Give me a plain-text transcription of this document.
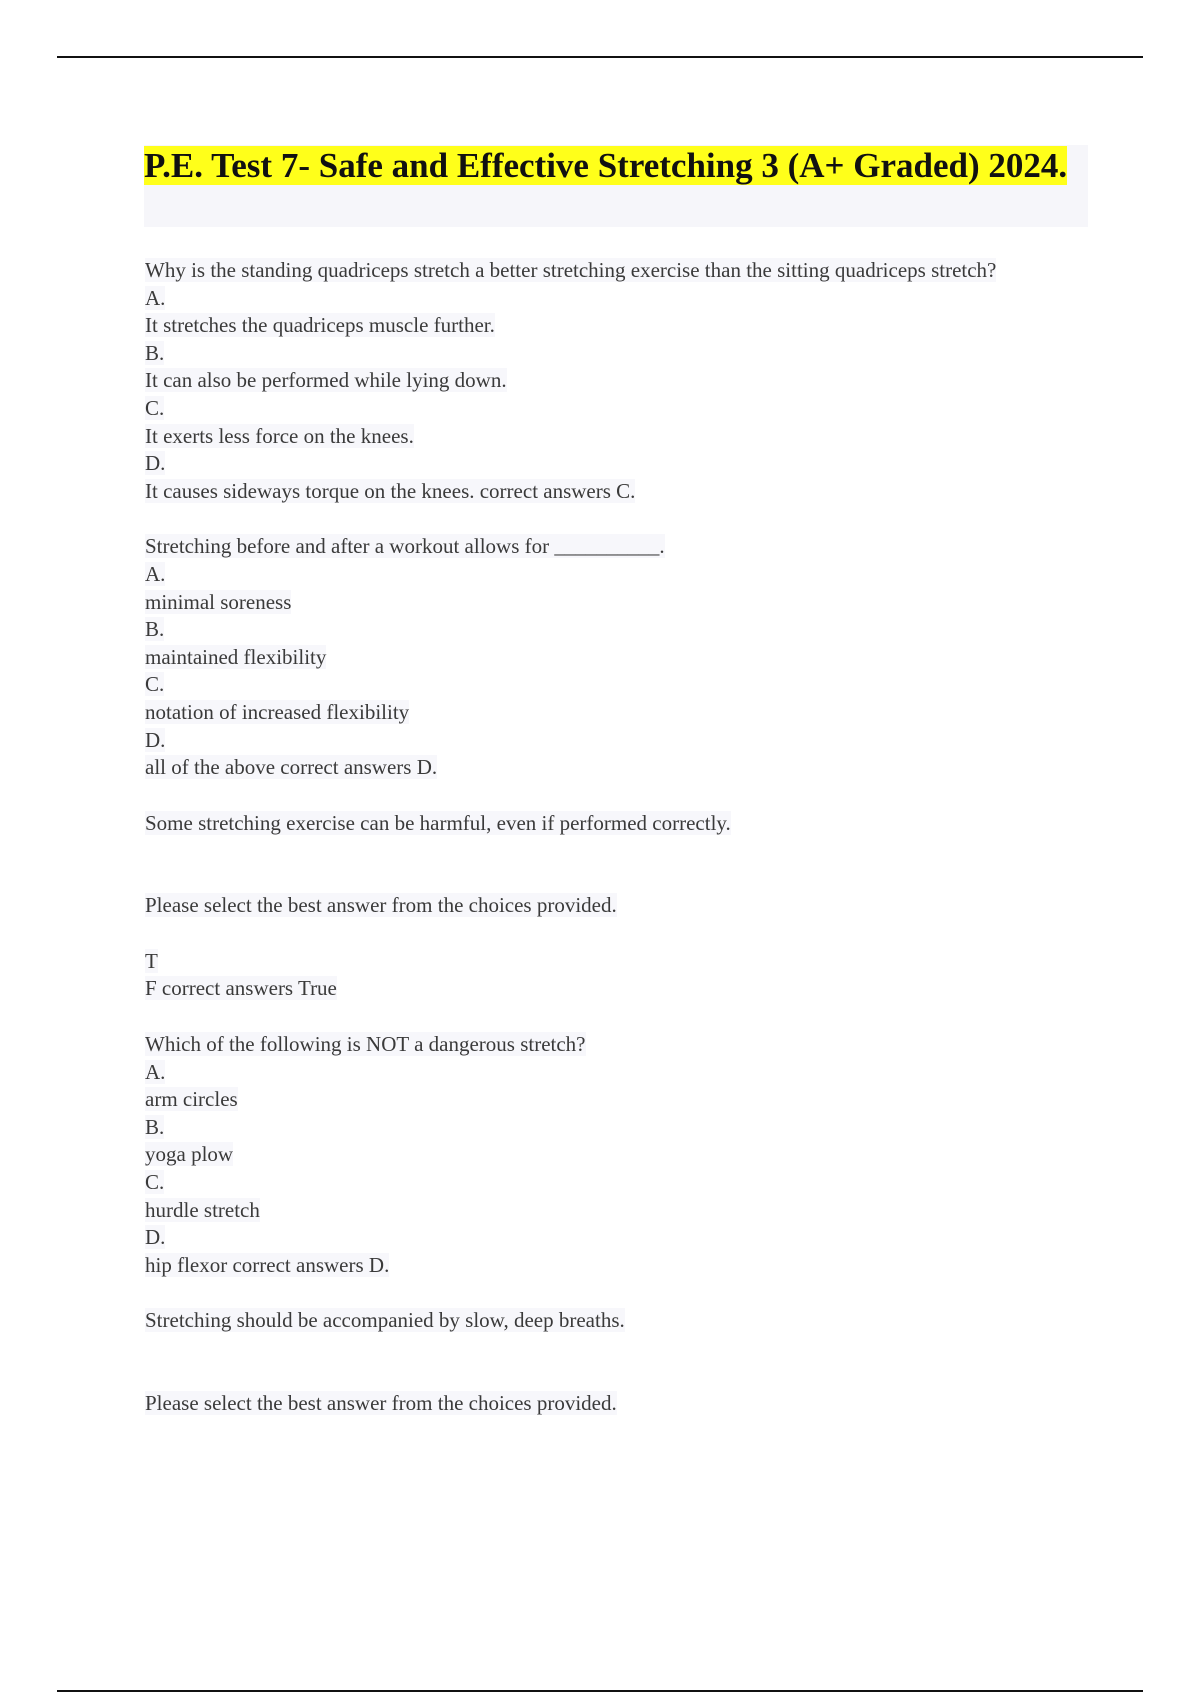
P.E. Test 7- Safe and Effective Stretching 3 (A+ Graded) 2024.
Why is the standing quadriceps stretch a better stretching exercise than the sitting quadriceps stretch?
A.
It stretches the quadriceps muscle further.
B.
It can also be performed while lying down.
C.
It exerts less force on the knees.
D.
It causes sideways torque on the knees. correct answers C.
Stretching before and after a workout allows for __________.
A.
minimal soreness
B.
maintained flexibility
C.
notation of increased flexibility
D.
all of the above correct answers D.
Some stretching exercise can be harmful, even if performed correctly.
Please select the best answer from the choices provided.
T
F correct answers True
Which of the following is NOT a dangerous stretch?
A.
arm circles
B.
yoga plow
C.
hurdle stretch
D.
hip flexor correct answers D.
Stretching should be accompanied by slow, deep breaths.
Please select the best answer from the choices provided.
